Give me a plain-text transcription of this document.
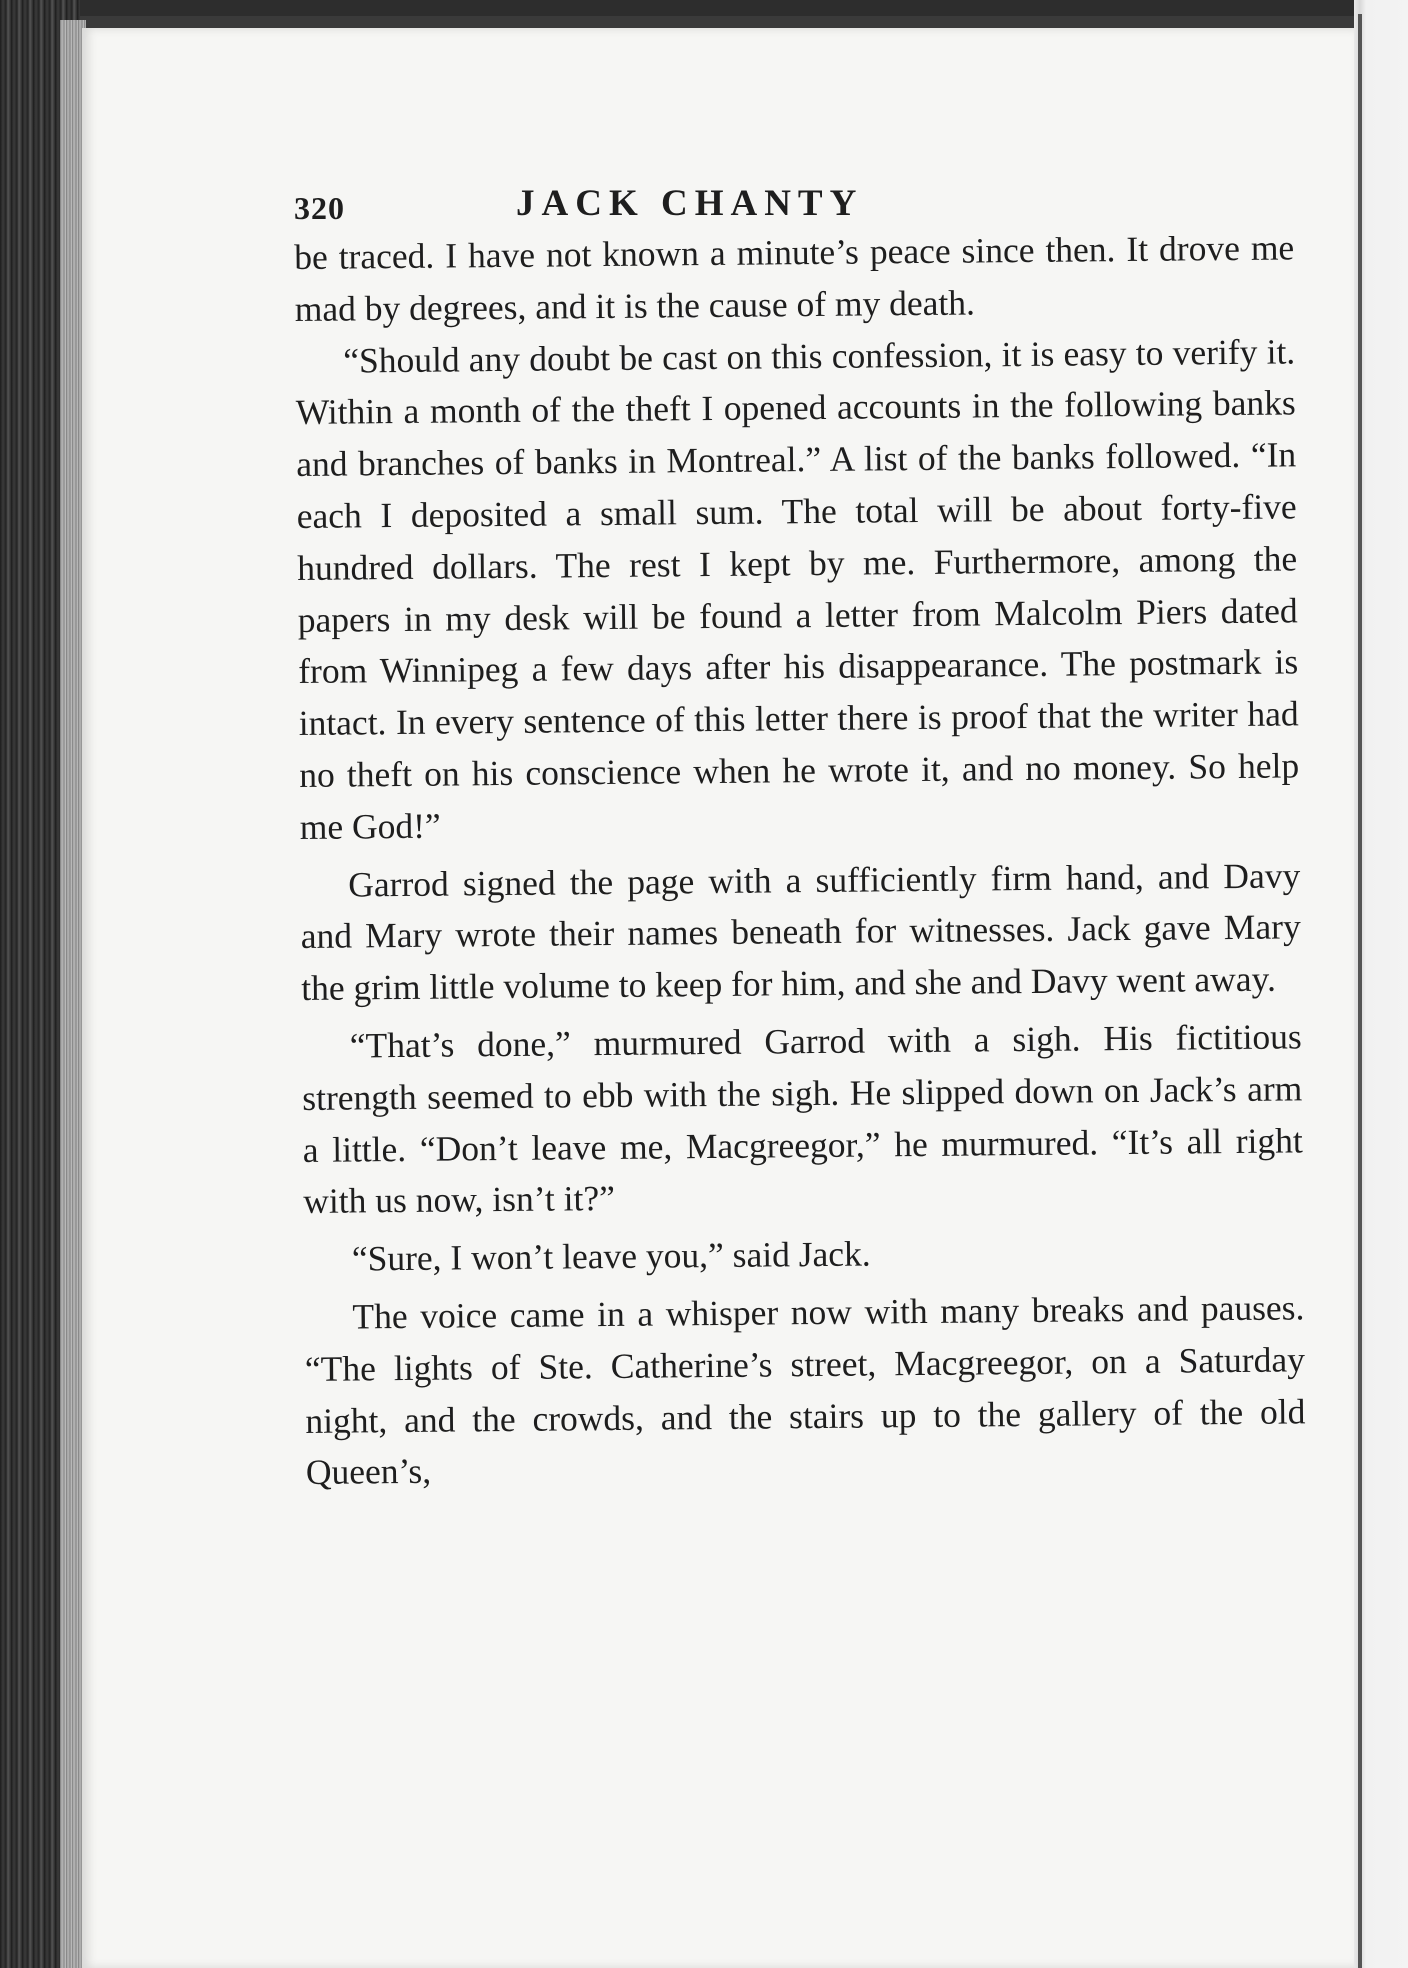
320	JACK CHANTY

be traced. I have not known a minute’s peace since then. It drove me mad by degrees, and it is the cause of my death.

“Should any doubt be cast on this confession, it is easy to verify it. Within a month of the theft I opened accounts in the following banks and branches of banks in Montreal.” A list of the banks followed. “In each I deposited a small sum. The total will be about forty-five hundred dollars. The rest I kept by me. Furthermore, among the papers in my desk will be found a letter from Malcolm Piers dated from Winnipeg a few days after his disappearance. The postmark is intact. In every sentence of this letter there is proof that the writer had no theft on his conscience when he wrote it, and no money. So help me God!”

Garrod signed the page with a sufficiently firm hand, and Davy and Mary wrote their names beneath for witnesses. Jack gave Mary the grim little volume to keep for him, and she and Davy went away.

“That’s done,” murmured Garrod with a sigh. His fictitious strength seemed to ebb with the sigh. He slipped down on Jack’s arm a little. “Don’t leave me, Macgreegor,” he murmured. “It’s all right with us now, isn’t it?”

“Sure, I won’t leave you,” said Jack.

The voice came in a whisper now with many breaks and pauses. “The lights of Ste. Catherine’s street, Macgreegor, on a Saturday night, and the crowds, and the stairs up to the gallery of the old Queen’s,
